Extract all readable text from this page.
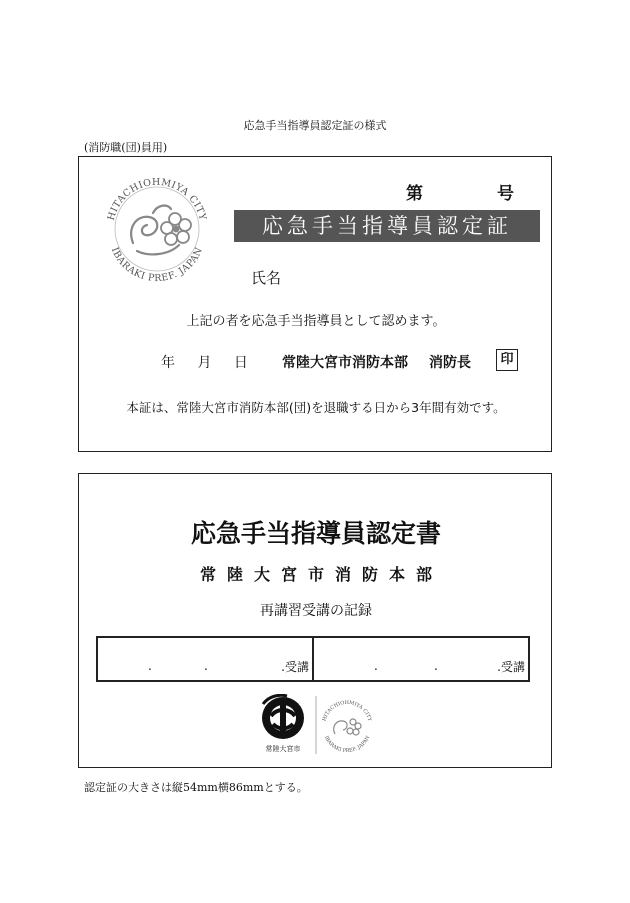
応急手当指導員認定証の様式
(消防職(団)員用)
HITACHIOHMIYA CITY
IBARAKI PREF. JAPAN
第	号
応急手当指導員認定証
氏名
上記の者を応急手当指導員として認めます。
年 月 日 常陸大宮市消防本部 消防長	印
本証は、常陸大宮市消防本部(団)を退職する日から3年間有効です。
応急手当指導員認定書
常陸大宮市消防本部
再講習受講の記録
.	.	.受講	.	.	.受講
常陸大宮市
HITACHIOHMIYA CITY
IBARAKI PREF. JAPAN
認定証の大きさは縦54mm横86mmとする。
